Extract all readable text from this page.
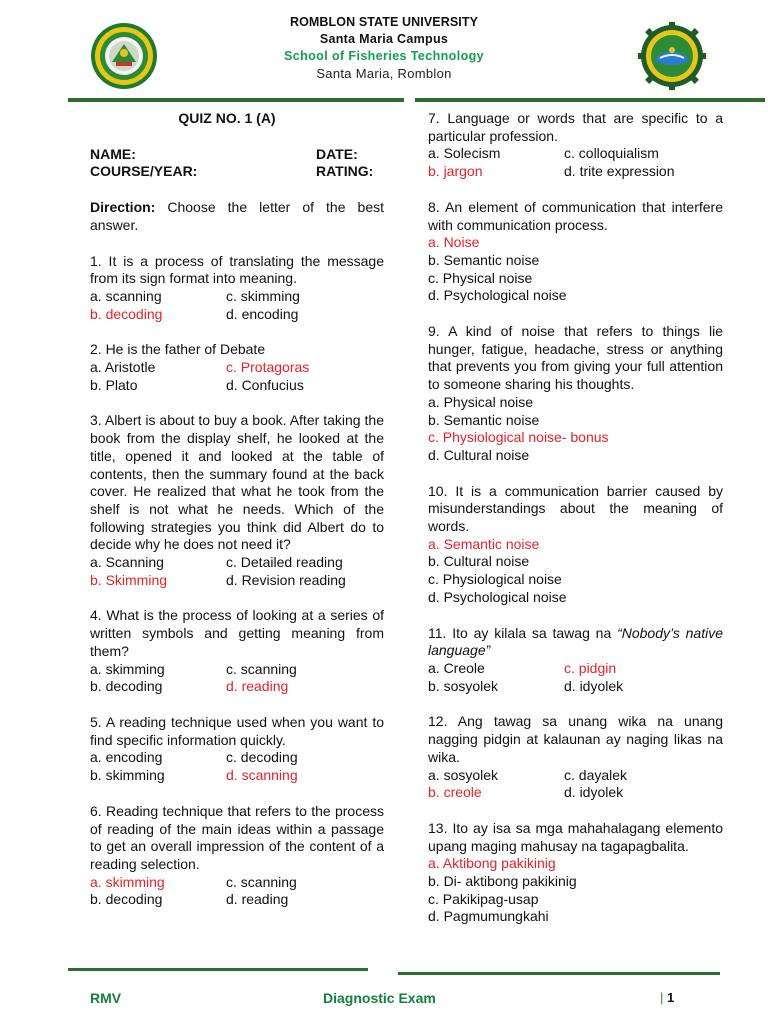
ROMBLON STATE UNIVERSITY
Santa Maria Campus
School of Fisheries Technology
Santa Maria, Romblon
QUIZ NO. 1 (A)
NAME:	DATE:
COURSE/YEAR:	RATING:
Direction: Choose the letter of the best answer.
1. It is a process of translating the message from its sign format into meaning.
a. scanning	c. skimming
b. decoding	d. encoding
2. He is the father of Debate
a. Aristotle	c. Protagoras
b. Plato	d. Confucius
3. Albert is about to buy a book. After taking the book from the display shelf, he looked at the title, opened it and looked at the table of contents, then the summary found at the back cover. He realized that what he took from the shelf is not what he needs. Which of the following strategies you think did Albert do to decide why he does not need it?
a. Scanning	c. Detailed reading
b. Skimming	d. Revision reading
4. What is the process of looking at a series of written symbols and getting meaning from them?
a. skimming	c. scanning
b. decoding	d. reading
5. A reading technique used when you want to find specific information quickly.
a. encoding	c. decoding
b. skimming	d. scanning
6. Reading technique that refers to the process of reading of the main ideas within a passage to get an overall impression of the content of a reading selection.
a. skimming	c. scanning
b. decoding	d. reading
7. Language or words that are specific to a particular profession.
a. Solecism	c. colloquialism
b. jargon	d. trite expression
8. An element of communication that interfere with communication process.
a. Noise
b. Semantic noise
c. Physical noise
d. Psychological noise
9. A kind of noise that refers to things lie hunger, fatigue, headache, stress or anything that prevents you from giving your full attention to someone sharing his thoughts.
a. Physical noise
b. Semantic noise
c. Physiological noise- bonus
d. Cultural noise
10. It is a communication barrier caused by misunderstandings about the meaning of words.
a. Semantic noise
b. Cultural noise
c. Physiological noise
d. Psychological noise
11. Ito ay kilala sa tawag na “Nobody’s native language”
a. Creole	c. pidgin
b. sosyolek	d. idyolek
12. Ang tawag sa unang wika na unang nagging pidgin at kalaunan ay naging likas na wika.
a. sosyolek	c. dayalek
b. creole	d. idyolek
13. Ito ay isa sa mga mahahalagang elemento upang maging mahusay na tagapagbalita.
a. Aktibong pakikinig
b. Di- aktibong pakikinig
c. Pakikipag-usap
d. Pagmumungkahi
RMV	Diagnostic Exam	| 1
